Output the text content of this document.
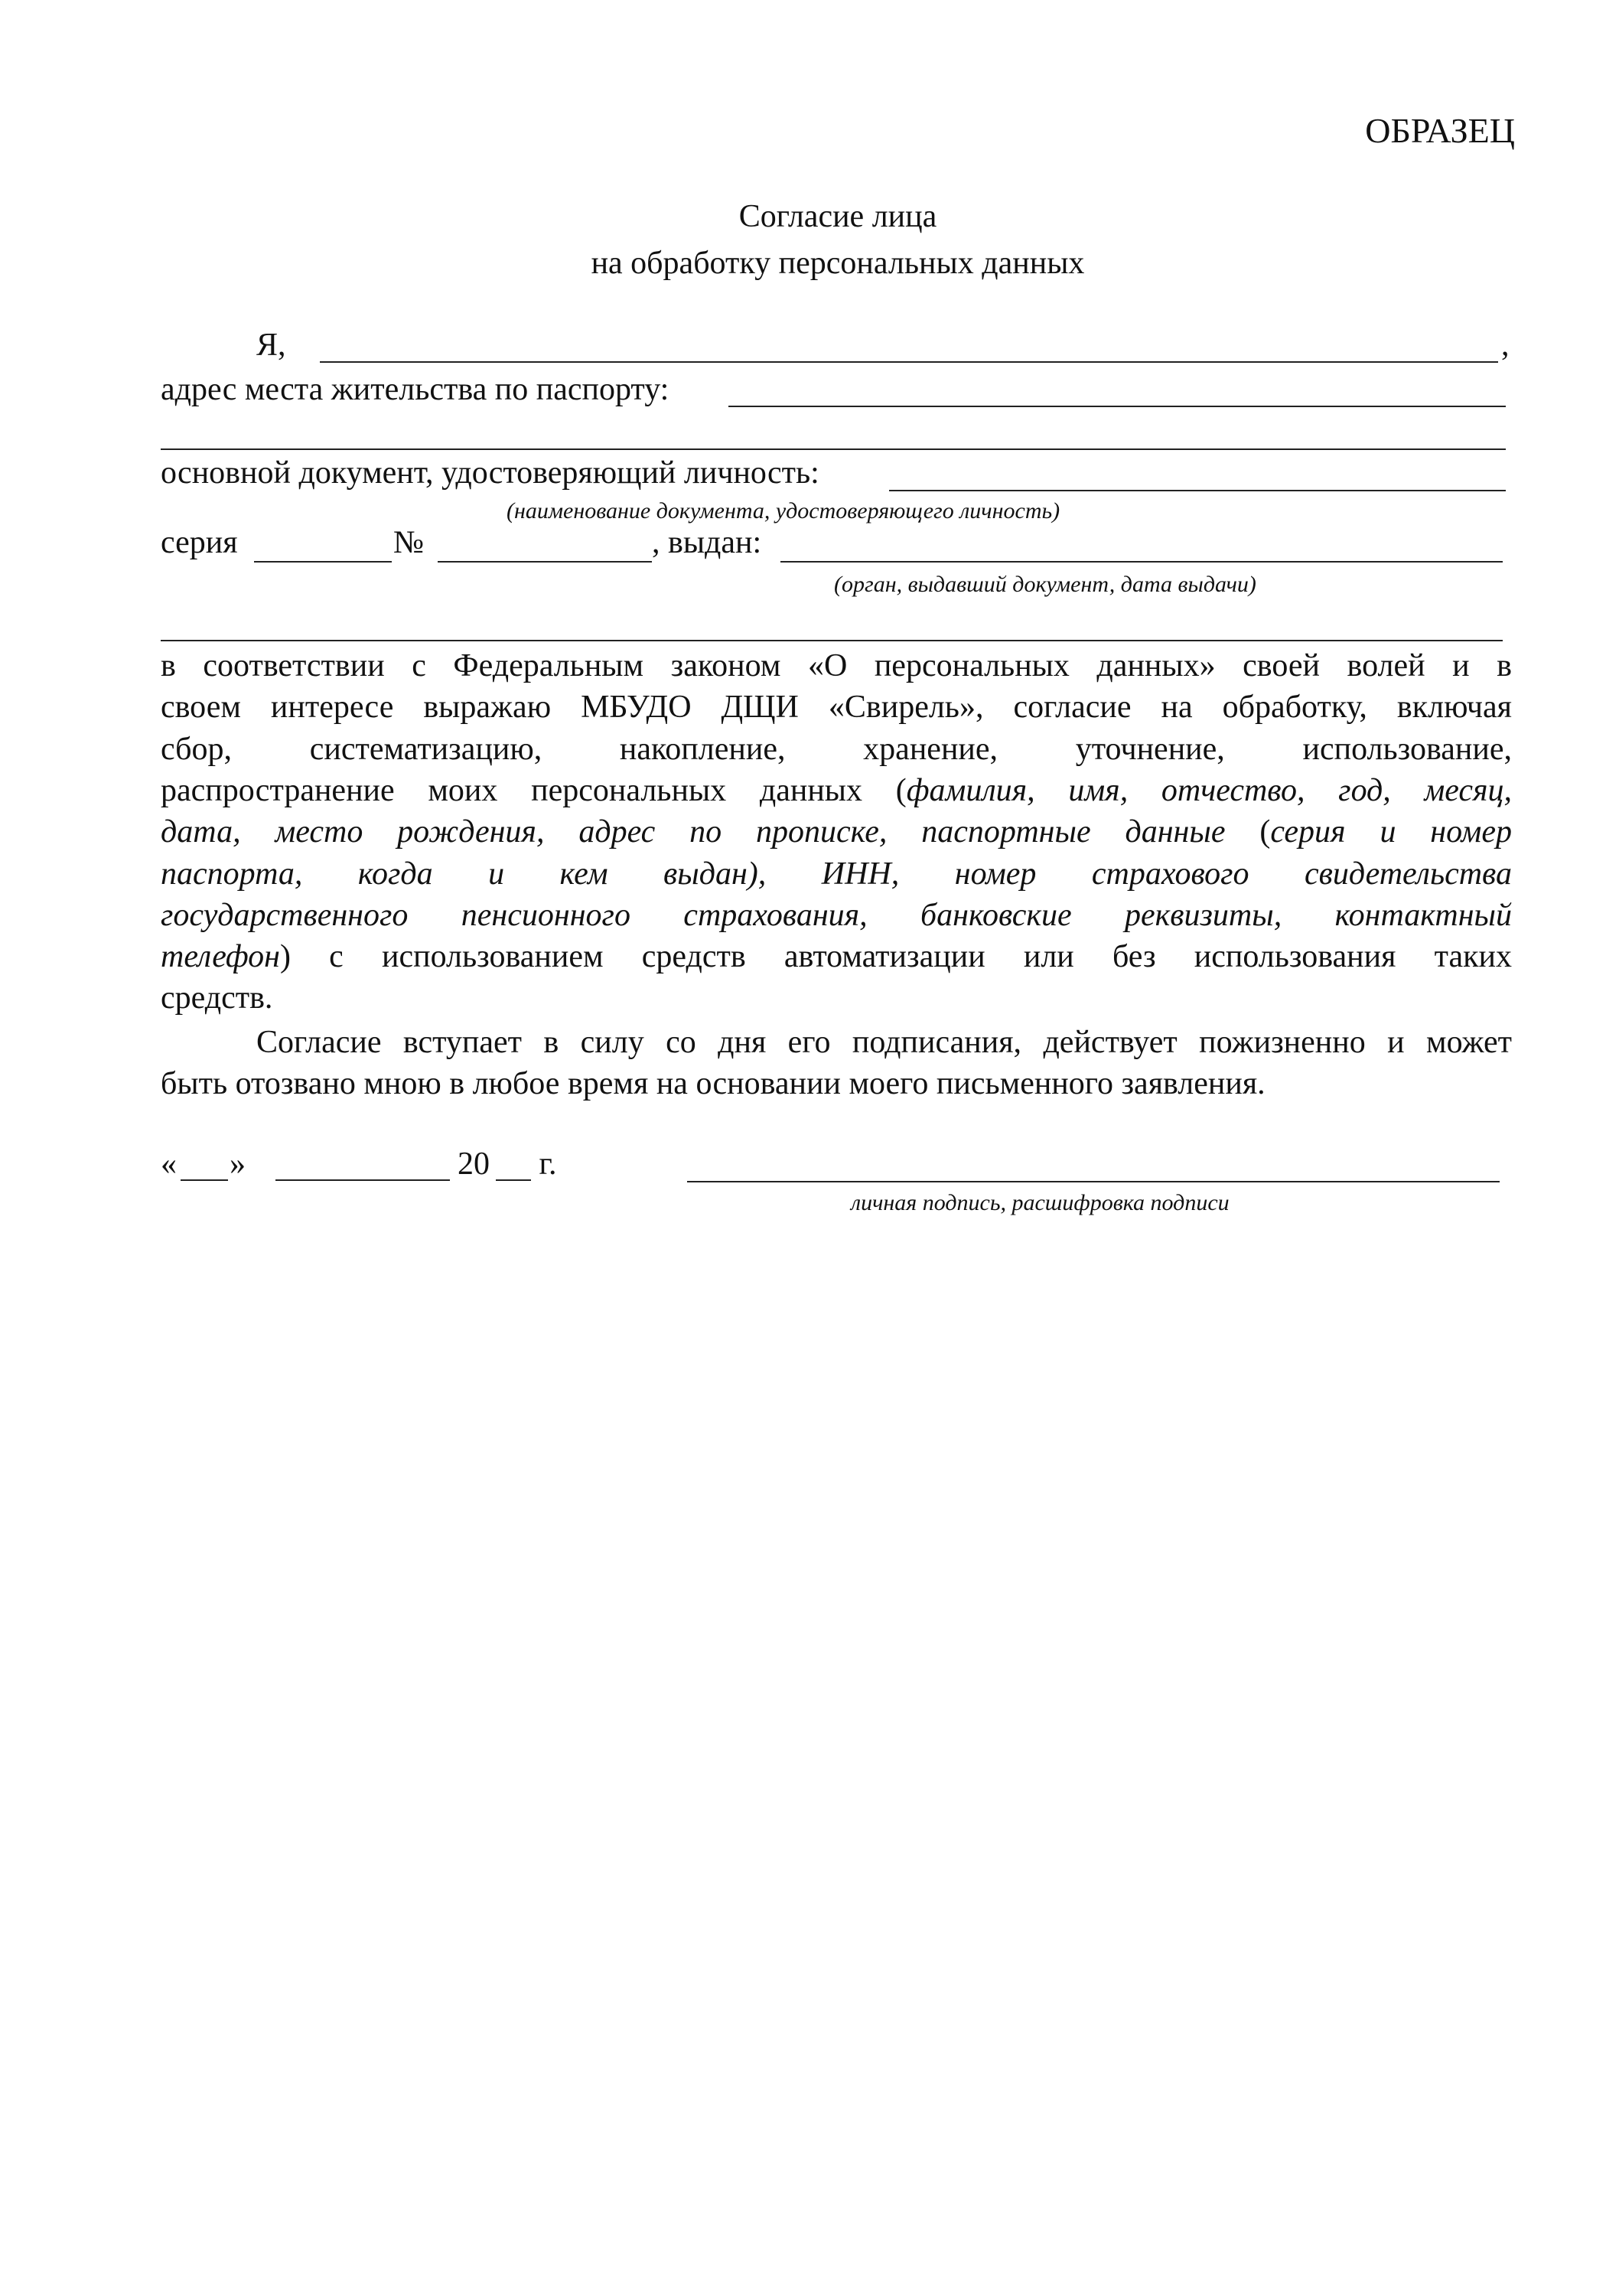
ОБРАЗЕЦ
Согласие лица
на обработку персональных данных
Я,	,
адрес места жительства по паспорту:
основной документ, удостоверяющий личность:
(наименование документа, удостоверяющего личность)
серия	№	, выдан:
(орган, выдавший документ, дата выдачи)
в соответствии с Федеральным законом «О персональных данных» своей волей и в
своем интересе выражаю МБУДО ДЩИ «Свирель», согласие на обработку, включая
сбор, систематизацию, накопление, хранение, уточнение, использование,
распространение моих персональных данных (фамилия, имя, отчество, год, месяц,
дата, место рождения, адрес по прописке, паспортные данные (серия и номер
паспорта, когда и кем выдан), ИНН, номер страхового свидетельства
государственного пенсионного страхования, банковские реквизиты, контактный
телефон) с использованием средств автоматизации или без использования таких
средств.
Согласие вступает в силу со дня его подписания, действует пожизненно и может
быть отозвано мною в любое время на основании моего письменного заявления.
« »	20 г.
личная подпись, расшифровка подписи
